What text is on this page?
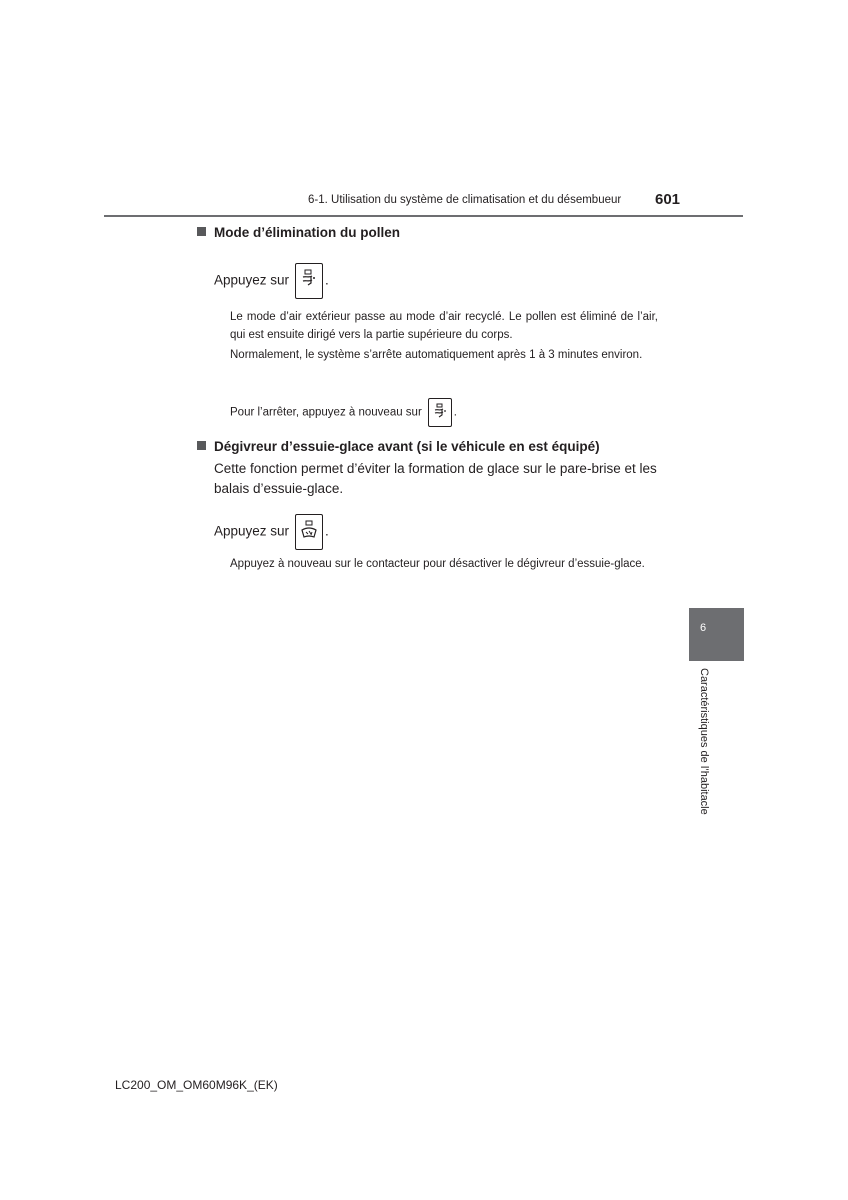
6-1. Utilisation du système de climatisation et du désembueur 601
Mode d’élimination du pollen
Appuyez sur	.
Le mode d’air extérieur passe au mode d’air recyclé. Le pollen est éliminé de l’air, qui est ensuite dirigé vers la partie supérieure du corps.
Normalement, le système s’arrête automatiquement après 1 à 3 minutes environ.
Pour l’arrêter, appuyez à nouveau sur	.
Dégivreur d’essuie-glace avant (si le véhicule en est équipé)
Cette fonction permet d’éviter la formation de glace sur le pare-brise et les balais d’essuie-glace.
Appuyez sur	.
Appuyez à nouveau sur le contacteur pour désactiver le dégivreur d’essuie-glace.
6
Caractéristiques de l’habitacle
LC200_OM_OM60M96K_(EK)
